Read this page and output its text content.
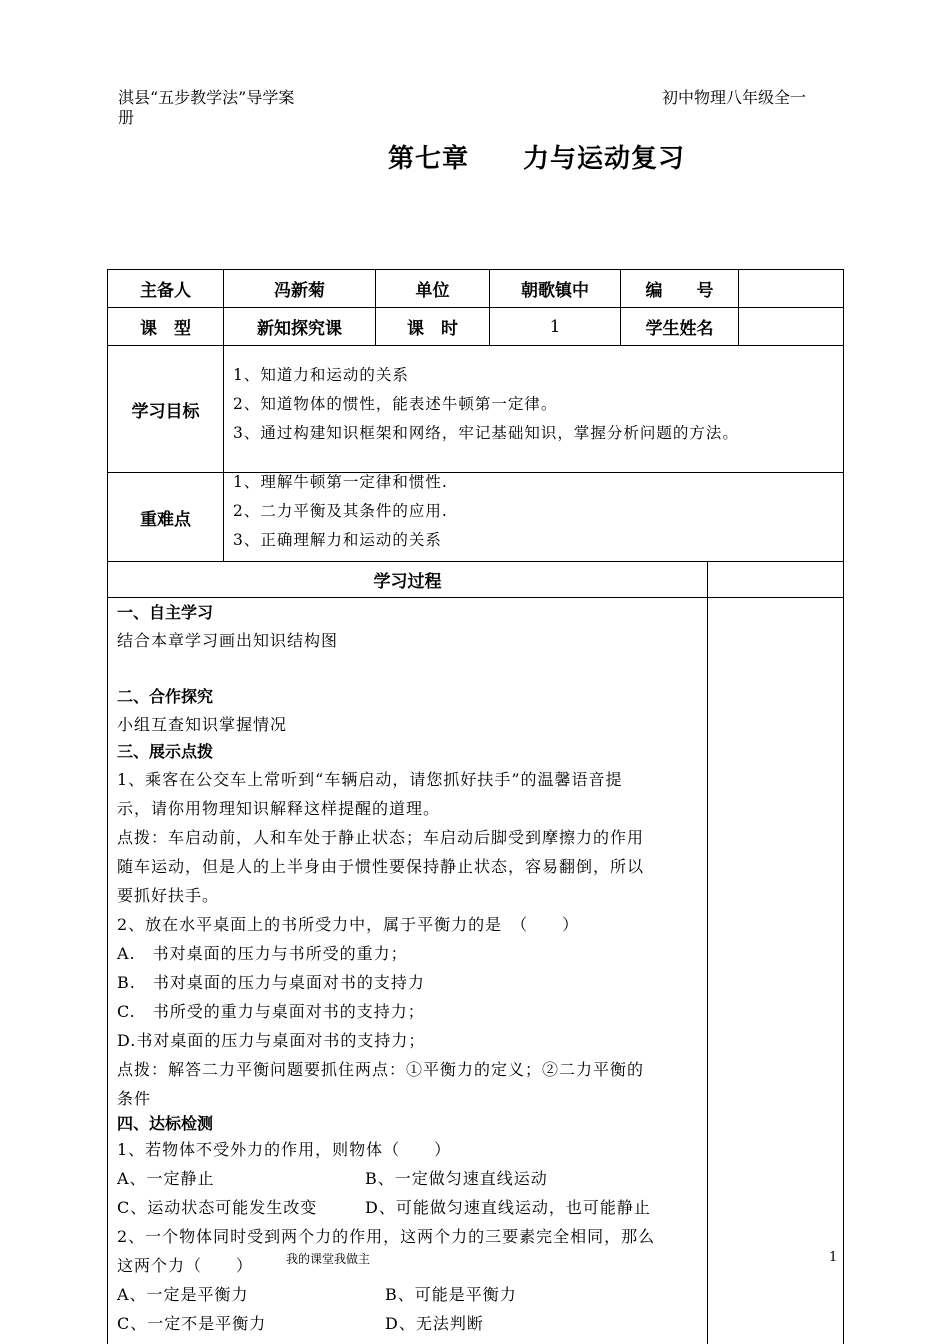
淇县“五步教学法”导学案
册
初中物理八年级全一
第七章　　力与运动复习
主备人	冯新菊	单位	朝歌镇中	编　　号
课　型	新知探究课	课　时	1	学生姓名
学习目标
1、知道力和运动的关系
2、知道物体的惯性，能表述牛顿第一定律。
3、通过构建知识框架和网络，牢记基础知识，掌握分析问题的方法。
重难点
1、理解牛顿第一定律和惯性.
2、二力平衡及其条件的应用.
3、正确理解力和运动的关系
学习过程
一、自主学习
结合本章学习画出知识结构图
二、合作探究
小组互查知识掌握情况
三、展示点拨
1、乘客在公交车上常听到“车辆启动，请您抓好扶手”的温馨语音提
示，请你用物理知识解释这样提醒的道理。
点拨：车启动前，人和车处于静止状态；车启动后脚受到摩擦力的作用
随车运动，但是人的上半身由于惯性要保持静止状态，容易翻倒，所以
要抓好扶手。
2、放在水平桌面上的书所受力中，属于平衡力的是　（　　）
A.　书对桌面的压力与书所受的重力；
B.　书对桌面的压力与桌面对书的支持力
C.　书所受的重力与桌面对书的支持力；
D.书对桌面的压力与桌面对书的支持力；
点拨：解答二力平衡问题要抓住两点：①平衡力的定义；②二力平衡的
条件
四、达标检测
1、若物体不受外力的作用，则物体（　　）
A、一定静止	B、一定做匀速直线运动
C、运动状态可能发生改变	D、可能做匀速直线运动，也可能静止
2、一个物体同时受到两个力的作用，这两个力的三要素完全相同，那么
这两个力（　　）
A、一定是平衡力	B、可能是平衡力
C、一定不是平衡力	D、无法判断
我的课堂我做主	1
